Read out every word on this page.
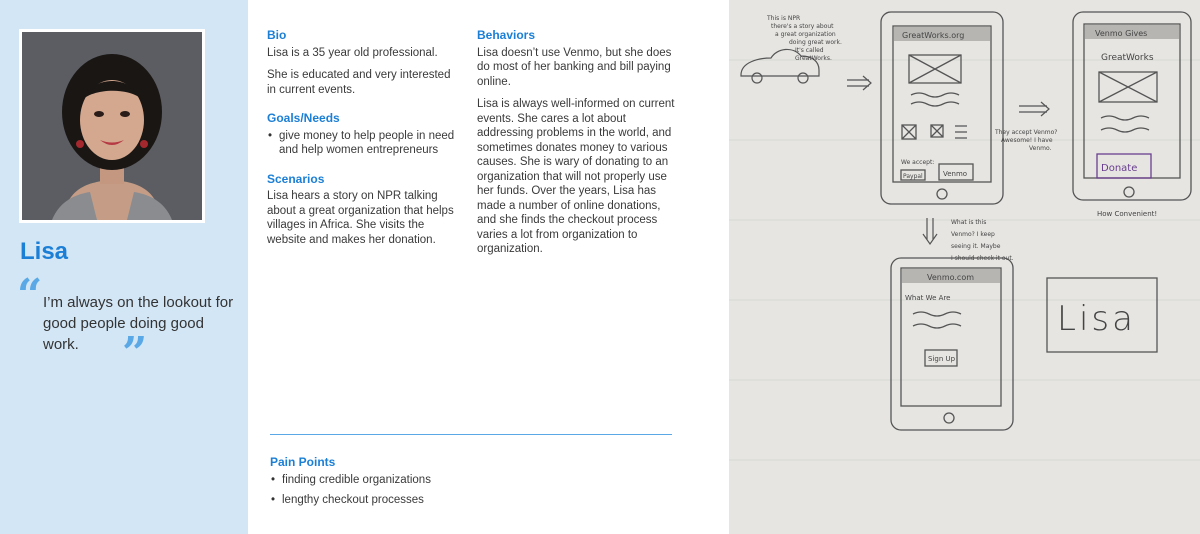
Lisa
“ I’m always on the lookout for good people doing good work. ”
Bio
Lisa is a 35 year old professional.
She is educated and very interested in current events.
Goals/Needs
• give money to help people in need and help women entrepreneurs
Scenarios
Lisa hears a story on NPR talking about a great organization that helps villages in Africa. She visits the website and makes her donation.
Behaviors
Lisa doesn’t use Venmo, but she does do most of her banking and bill paying online.
Lisa is always well-informed on current events. She cares a lot about addressing problems in the world, and sometimes donates money to various causes. She is wary of donating to an organization that will not properly use her funds. Over the years, Lisa has made a number of online donations, and she finds the checkout process varies a lot from organization to organization.
Pain Points
• finding credible organizations
• lengthy checkout processes
This is NPR there's a story about a great organization doing great work. It's called GreatWorks.
GreatWorks.org
We accept:
Paypal	Venmo
They accept Venmo? Awesome! I have Venmo.
Venmo Gives
GreatWorks
Donate
How Convenient!
What is this Venmo? I keep seeing it. Maybe I should check it out.
Venmo.com
What We Are
Sign Up
Lisa
